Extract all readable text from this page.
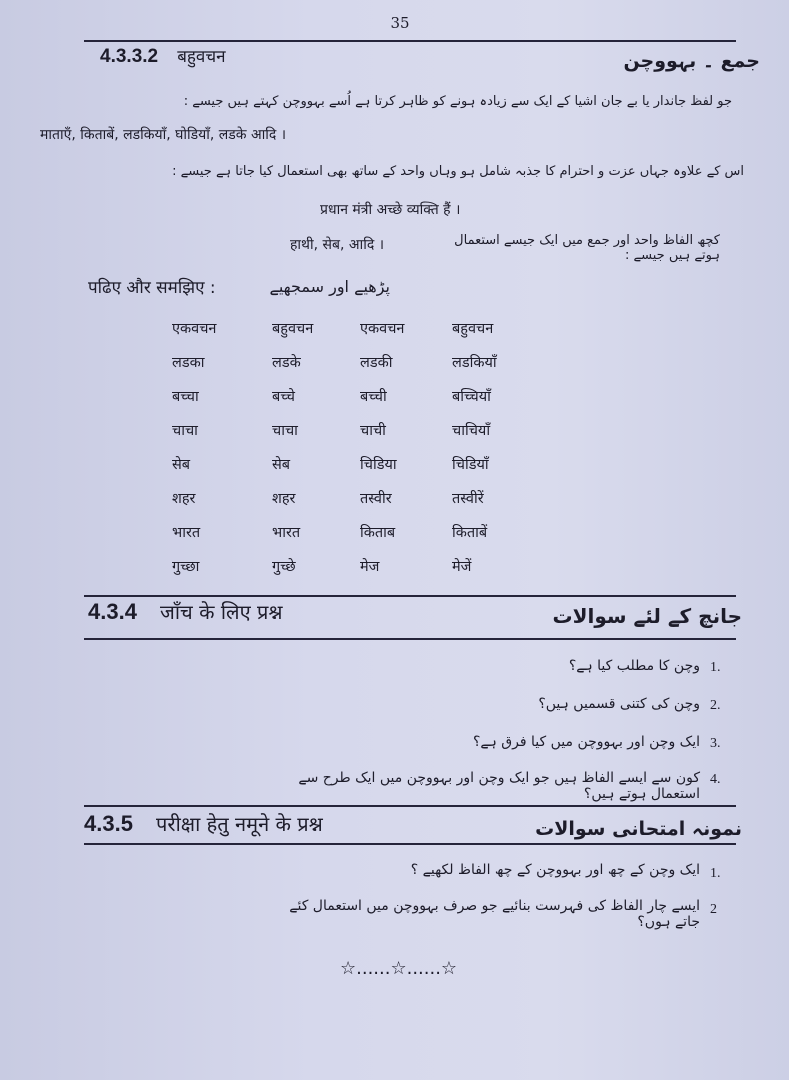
35
4.3.3.2 बहुवचन	جمع ۔ بہووچن
جو لفظ جاندار یا بے جان اشیا کے ایک سے زیادہ ہونے کو ظاہر کرتا ہے اُسے بہووچن کہتے ہیں جیسے :
माताएँ, किताबें, लडकियाँ, घोडियाँ, लडके आदि ।
اس کے علاوہ جہاں عزت و احترام کا جذبہ شامل ہو وہاں واحد کے ساتھ بھی استعمال کیا جاتا ہے جیسے :
प्रधान मंत्री अच्छे व्यक्ति हैं ।
हाथी, सेब, आदि ।	کچھ الفاظ واحد اور جمع میں ایک جیسے استعمال ہوتے ہیں جیسے :
पढिए और समझिए :	پڑھیے اور سمجھیے
एकवचन	बहुवचन	एकवचन	बहुवचन
लडका	लडके	लडकी	लडकियाँ
बच्चा	बच्चे	बच्ची	बच्चियाँ
चाचा	चाचा	चाची	चाचियाँ
सेब	सेब	चिडिया	चिडियाँ
शहर	शहर	तस्वीर	तस्वीरें
भारत	भारत	किताब	किताबें
गुच्छा	गुच्छे	मेज	मेजें
4.3.4 जाँच के लिए प्रश्न	جانچ کے لئے سوالات
وچن کا مطلب کیا ہے؟ 1.
وچن کی کتنی قسمیں ہیں؟ 2.
ایک وچن اور بہووچن میں کیا فرق ہے؟ 3.
کون سے ایسے الفاظ ہیں جو ایک وچن اور بہووچن میں ایک طرح سے استعمال ہوتے ہیں؟
4.
4.3.5 परीक्षा हेतु नमूने के प्रश्न	نمونہ امتحانی سوالات
ایک وچن کے چھ اور بہووچن کے چھ الفاظ لکھیے ؟ 1.
ایسے چار الفاظ کی فہرست بنائیے جو صرف بہووچن میں استعمال کئے جاتے ہوں؟
2
☆......☆......☆
